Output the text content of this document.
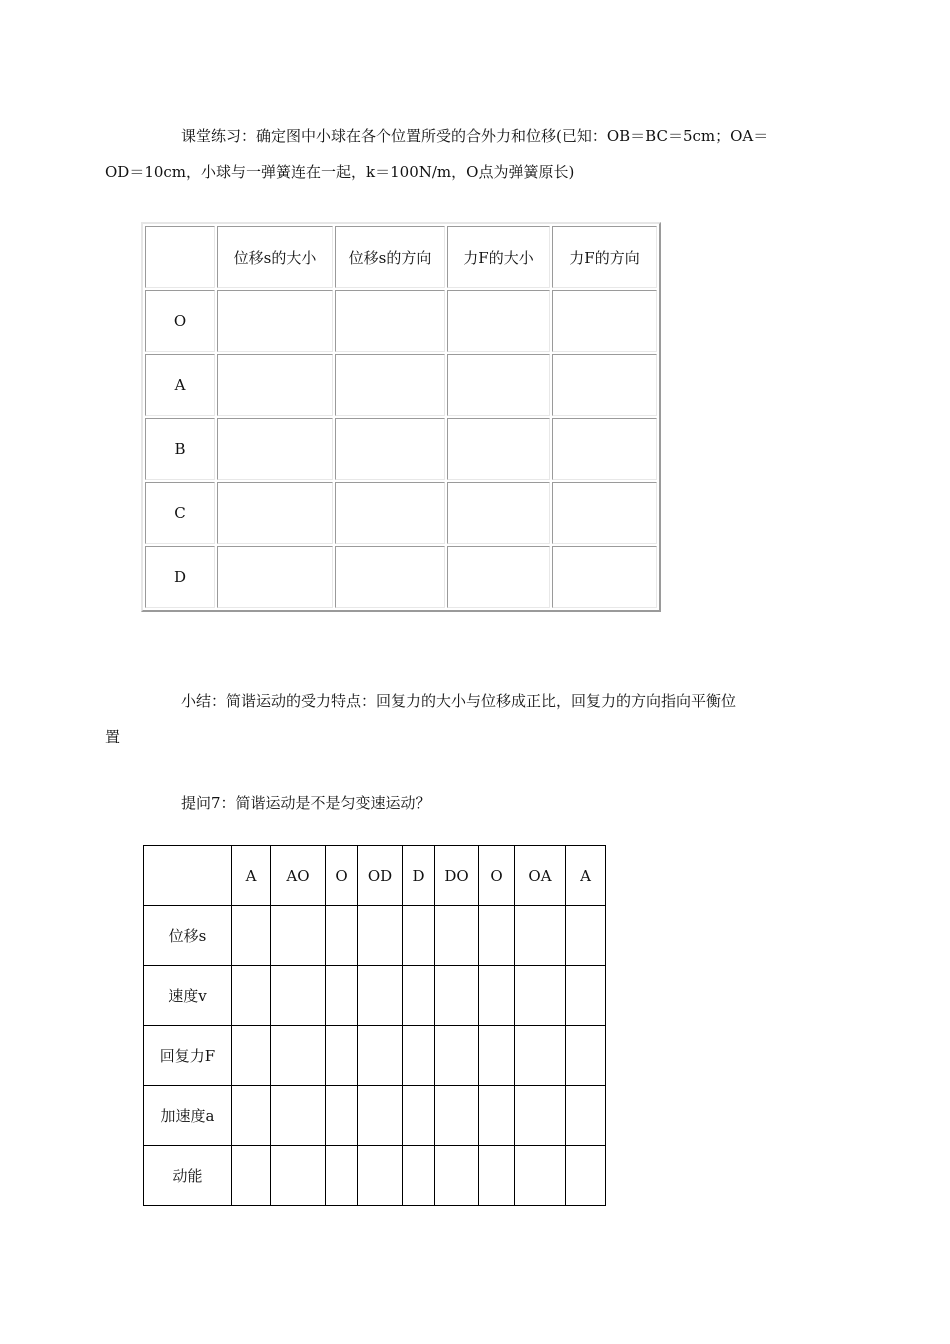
课堂练习：确定图中小球在各个位置所受的合外力和位移(已知：OB＝BC＝5cm；OA＝
OD＝10cm，小球与一弹簧连在一起，k＝100N/m，O点为弹簧原长)

	位移s的大小	位移s的方向	力F的大小	力F的方向
O				
A				
B				
C				
D				

小结：简谐运动的受力特点：回复力的大小与位移成正比，回复力的方向指向平衡位
置

提问7：简谐运动是不是匀变速运动？

	A	AO	O	OD	D	DO	O	OA	A
位移s									
速度v									
回复力F									
加速度a									
动能									
